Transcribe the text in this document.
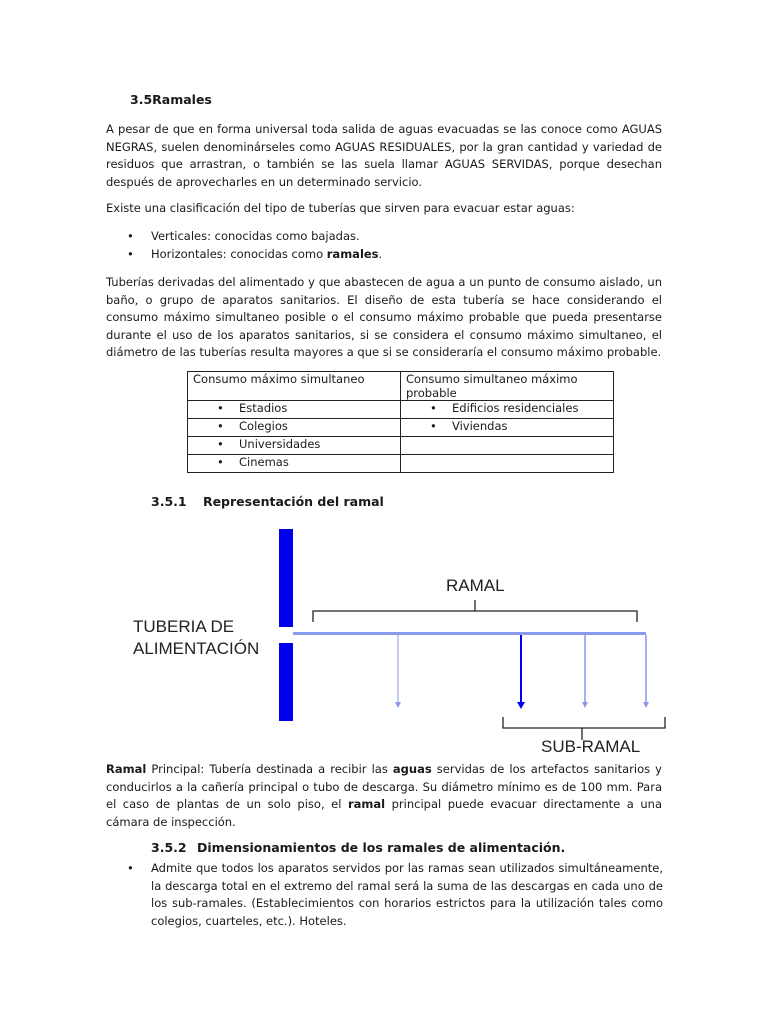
3.5Ramales
A pesar de que en forma universal toda salida de aguas evacuadas se las conoce como AGUAS NEGRAS, suelen denominárseles como AGUAS RESIDUALES, por la gran cantidad y variedad de residuos que arrastran, o también se las suela llamar AGUAS SERVIDAS, porque desechan después de aprovecharles en un determinado servicio.
Existe una clasificación del tipo de tuberías que sirven para evacuar estar aguas:
• Verticales: conocidas como bajadas.
• Horizontales: conocidas como ramales.
Tuberías derivadas del alimentado y que abastecen de agua a un punto de consumo aislado, un baño, o grupo de aparatos sanitarios. El diseño de esta tubería se hace considerando el consumo máximo simultaneo posible o el consumo máximo probable que pueda presentarse durante el uso de los aparatos sanitarios, si se considera el consumo máximo simultaneo, el diámetro de las tuberías resulta mayores a que si se consideraría el consumo máximo probable.
Consumo máximo simultaneo	Consumo simultaneo máximo probable

• Estadios	• Edificios residenciales

• Colegios	• Viviendas

• Universidades

• Cinemas

3.5.1 Representación del ramal
RAMAL
TUBERIA DE
ALIMENTACIÓN
SUB-RAMAL
Ramal Principal: Tubería destinada a recibir las aguas servidas de los artefactos sanitarios y conducirlos a la cañería principal o tubo de descarga. Su diámetro mínimo es de 100 mm. Para el caso de plantas de un solo piso, el ramal principal puede evacuar directamente a una cámara de inspección.
3.5.2 Dimensionamientos de los ramales de alimentación.
• Admite que todos los aparatos servidos por las ramas sean utilizados simultáneamente, la descarga total en el extremo del ramal será la suma de las descargas en cada uno de los sub-ramales. (Establecimientos con horarios estrictos para la utilización tales como colegios, cuarteles, etc.). Hoteles.
